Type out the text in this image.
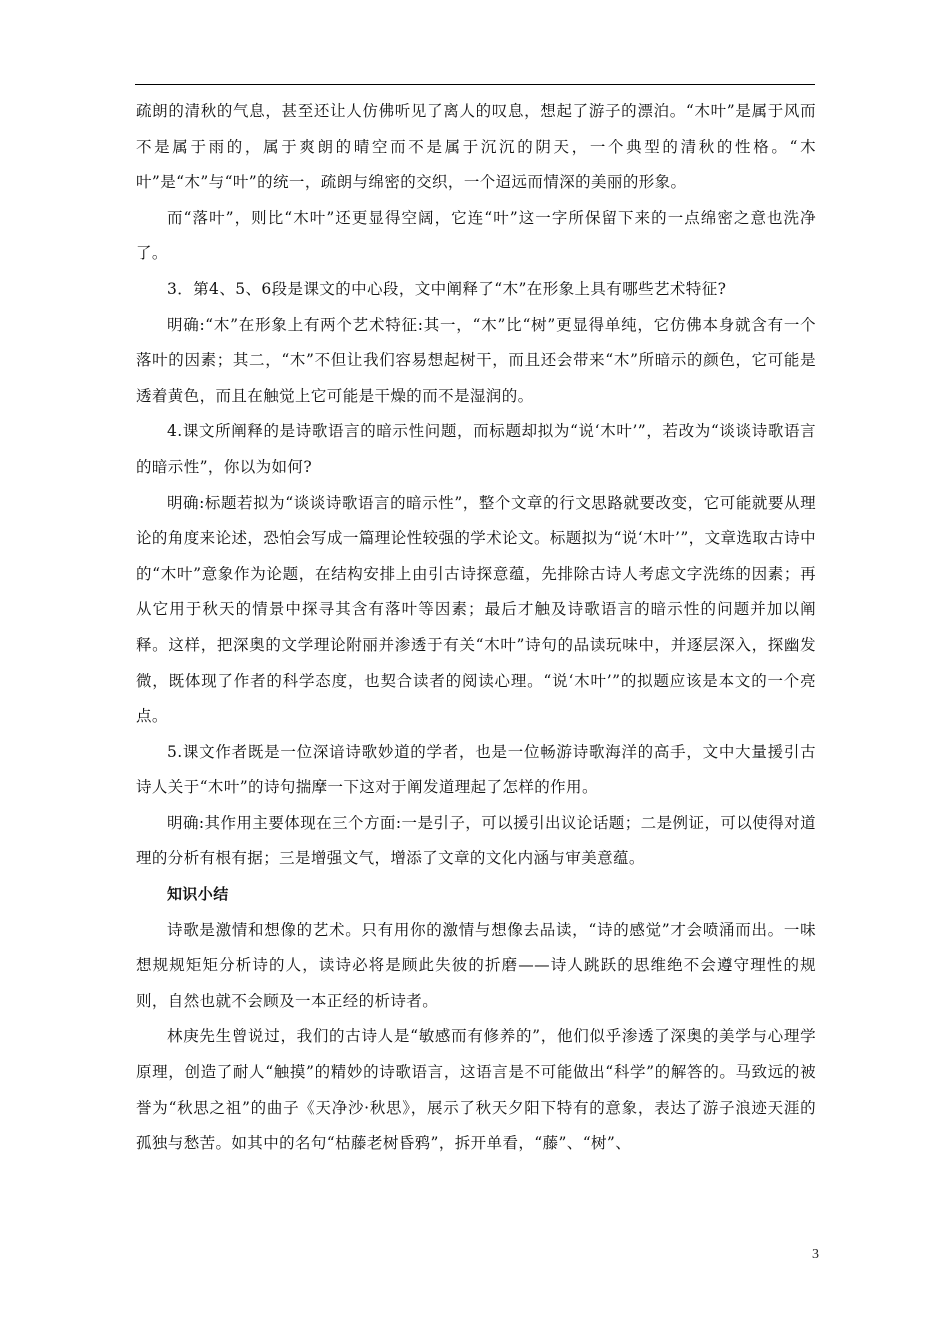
疏朗的清秋的气息，甚至还让人仿佛听见了离人的叹息，想起了游子的漂泊。“木叶”是属于风而不是属于雨的，属于爽朗的晴空而不是属于沉沉的阴天，一个典型的清秋的性格。“木叶”是“木”与“叶”的统一，疏朗与绵密的交织，一个迢远而情深的美丽的形象。

而“落叶”，则比“木叶”还更显得空阔，它连“叶”这一字所保留下来的一点绵密之意也洗净了。

3．第4、5、6段是课文的中心段，文中阐释了“木”在形象上具有哪些艺术特征?

明确:“木”在形象上有两个艺术特征:其一，“木”比“树”更显得单纯，它仿佛本身就含有一个落叶的因素；其二，“木”不但让我们容易想起树干，而且还会带来“木”所暗示的颜色，它可能是透着黄色，而且在触觉上它可能是干燥的而不是湿润的。

4.课文所阐释的是诗歌语言的暗示性问题，而标题却拟为“说‘木叶’”，若改为“谈谈诗歌语言的暗示性”，你以为如何?

明确:标题若拟为“谈谈诗歌语言的暗示性”，整个文章的行文思路就要改变，它可能就要从理论的角度来论述，恐怕会写成一篇理论性较强的学术论文。标题拟为“说‘木叶’”，文章选取古诗中的“木叶”意象作为论题，在结构安排上由引古诗探意蕴，先排除古诗人考虑文字洗练的因素；再从它用于秋天的情景中探寻其含有落叶等因素；最后才触及诗歌语言的暗示性的问题并加以阐释。这样，把深奥的文学理论附丽并渗透于有关“木叶”诗句的品读玩味中，并逐层深入，探幽发微，既体现了作者的科学态度，也契合读者的阅读心理。“说‘木叶’”的拟题应该是本文的一个亮点。

5.课文作者既是一位深谙诗歌妙道的学者，也是一位畅游诗歌海洋的高手，文中大量援引古诗人关于“木叶”的诗句揣摩一下这对于阐发道理起了怎样的作用。

明确:其作用主要体现在三个方面:一是引子，可以援引出议论话题；二是例证，可以使得对道理的分析有根有据；三是增强文气，增添了文章的文化内涵与审美意蕴。

知识小结

诗歌是激情和想像的艺术。只有用你的激情与想像去品读，“诗的感觉”才会喷涌而出。一味想规规矩矩分析诗的人，读诗必将是顾此失彼的折磨——诗人跳跃的思维绝不会遵守理性的规则，自然也就不会顾及一本正经的析诗者。

林庚先生曾说过，我们的古诗人是“敏感而有修养的”，他们似乎渗透了深奥的美学与心理学原理，创造了耐人“触摸”的精妙的诗歌语言，这语言是不可能做出“科学”的解答的。马致远的被誉为“秋思之祖”的曲子《天净沙·秋思》，展示了秋天夕阳下特有的意象，表达了游子浪迹天涯的孤独与愁苦。如其中的名句“枯藤老树昏鸦”，拆开单看，“藤”、“树”、

3
